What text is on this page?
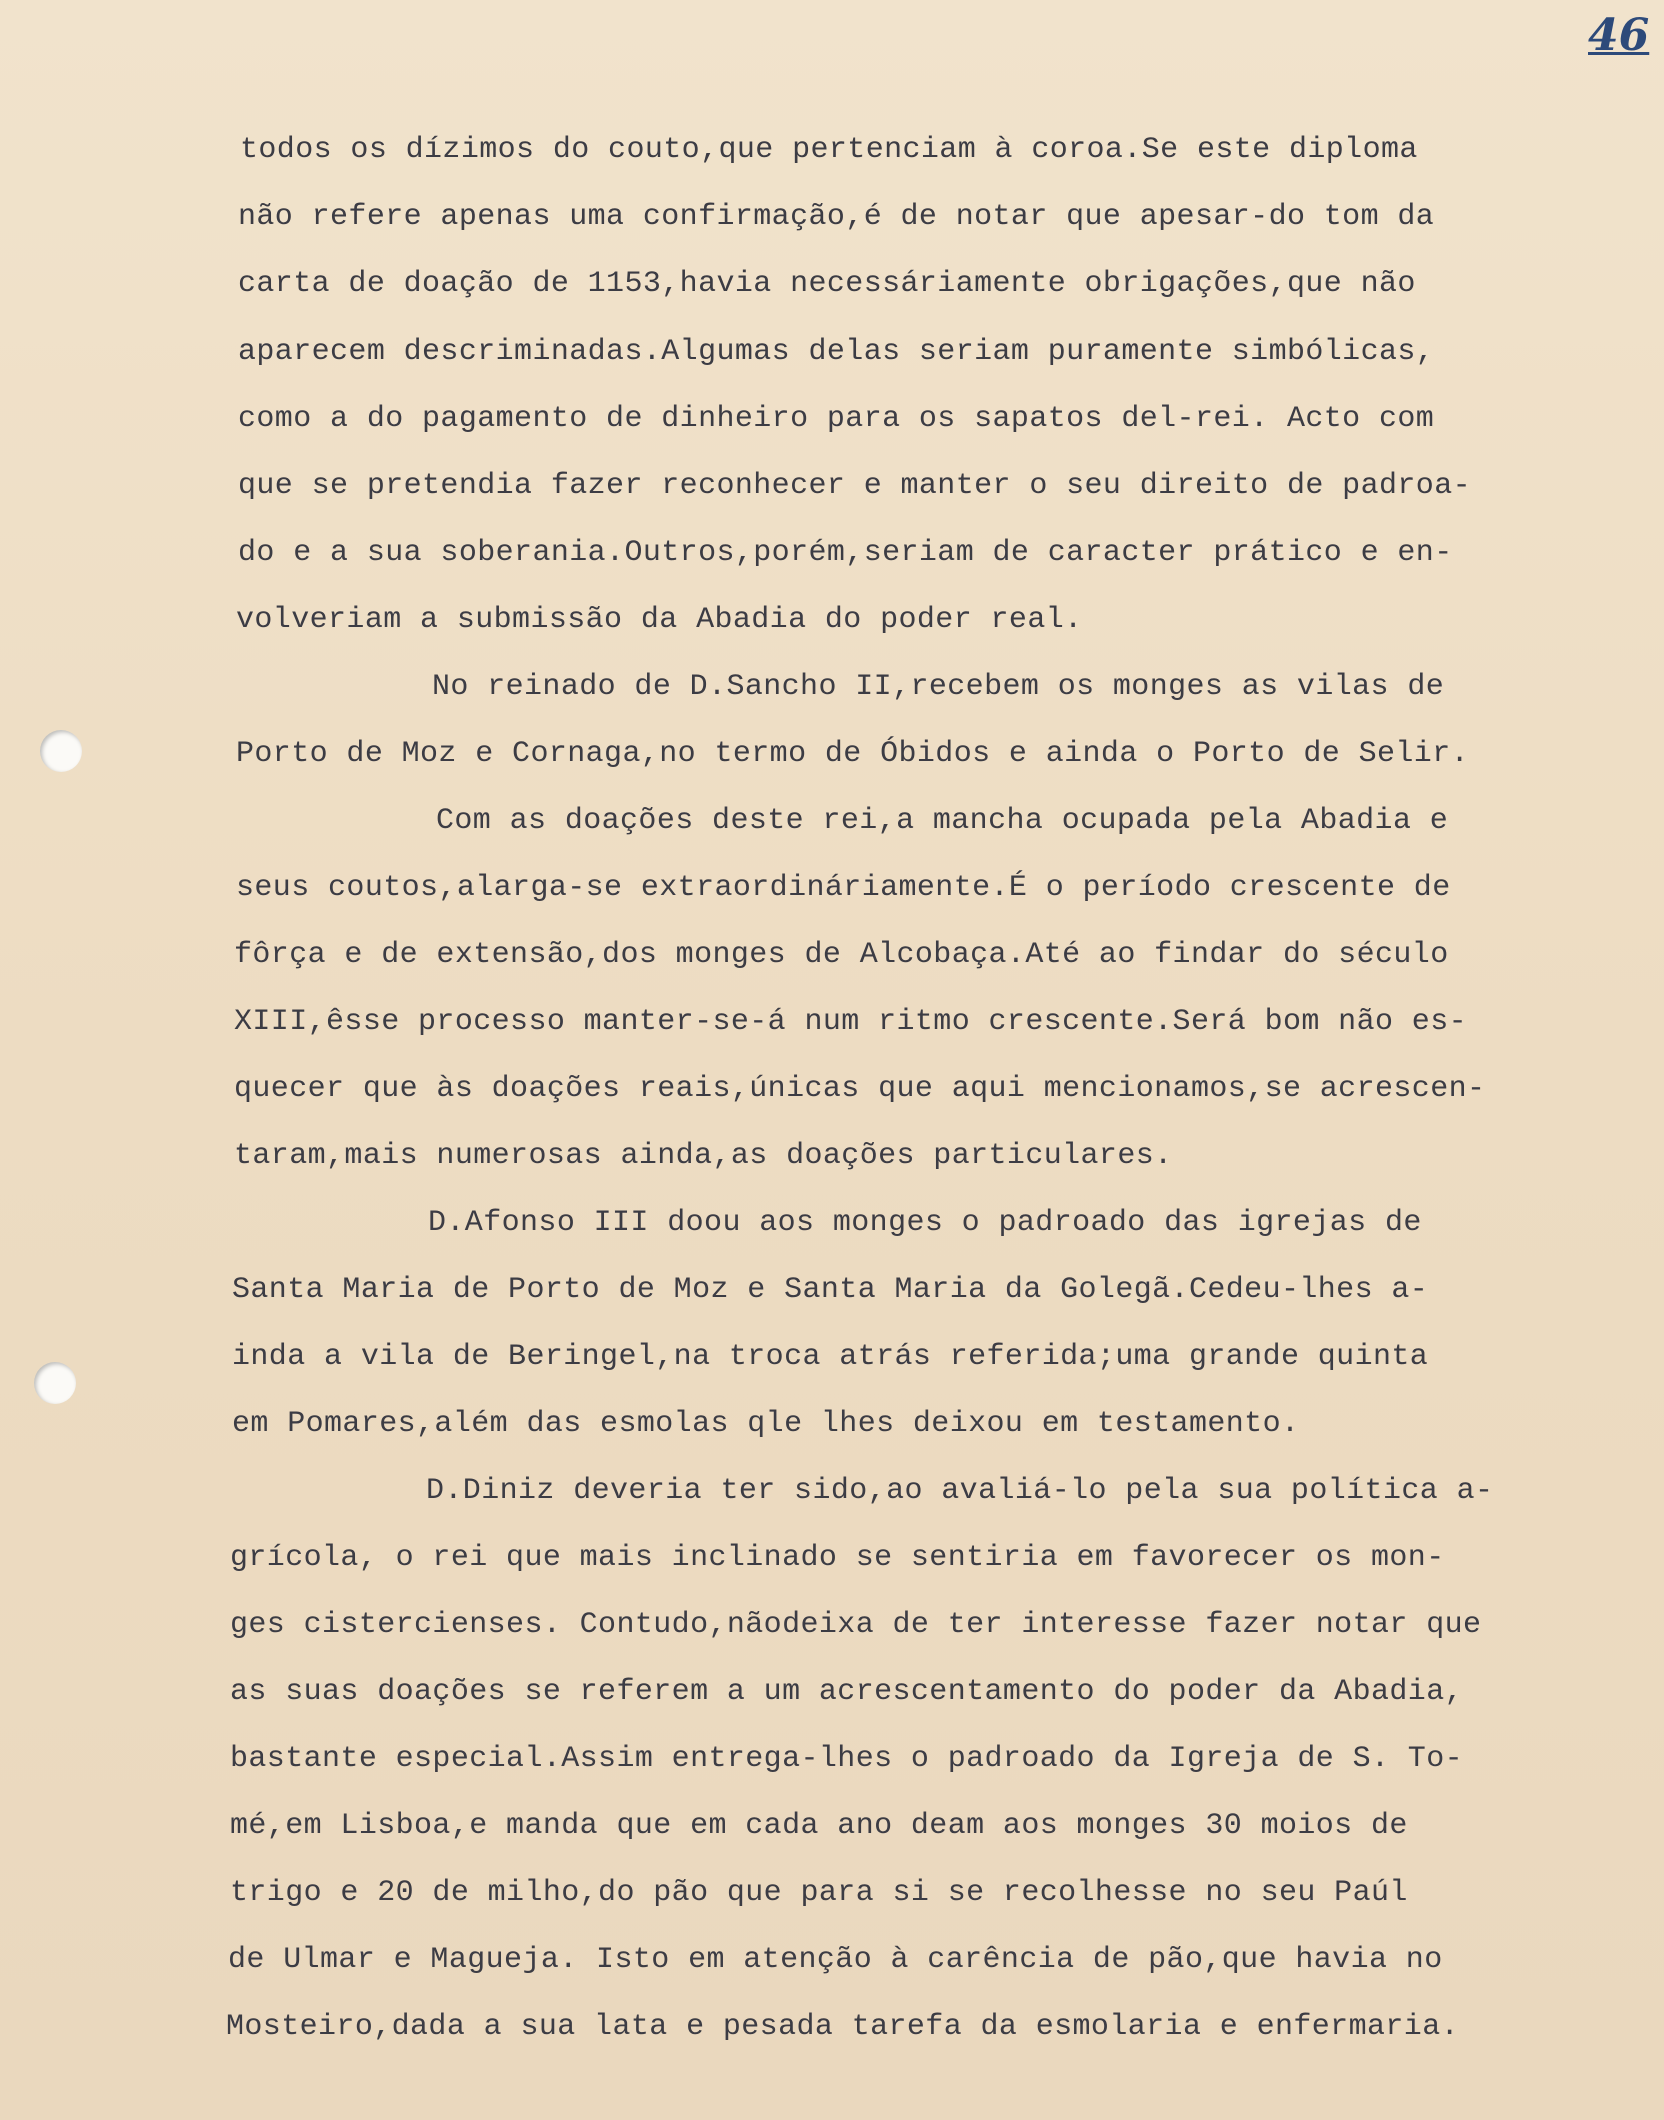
46
todos os dízimos do couto,que pertenciam à coroa.Se este diploma
não refere apenas uma confirmação,é de notar que apesar-do tom da
carta de doação de 1153,havia necessáriamente obrigações,que não
aparecem descriminadas.Algumas delas seriam puramente simbólicas,
como a do pagamento de dinheiro para os sapatos del-rei. Acto com
que se pretendia fazer reconhecer e manter o seu direito de padroa-
do e a sua soberania.Outros,porém,seriam de caracter prático e en-
volveriam a submissão da Abadia do poder real.
No reinado de D.Sancho II,recebem os monges as vilas de
Porto de Moz e Cornaga,no termo de Óbidos e ainda o Porto de Selir.
Com as doações deste rei,a mancha ocupada pela Abadia e
seus coutos,alarga-se extraordináriamente.É o período crescente de
fôrça e de extensão,dos monges de Alcobaça.Até ao findar do século
XIII,êsse processo manter-se-á num ritmo crescente.Será bom não es-
quecer que às doações reais,únicas que aqui mencionamos,se acrescen-
taram,mais numerosas ainda,as doações particulares.
D.Afonso III doou aos monges o padroado das igrejas de
Santa Maria de Porto de Moz e Santa Maria da Golegã.Cedeu-lhes a-
inda a vila de Beringel,na troca atrás referida;uma grande quinta
em Pomares,além das esmolas qle lhes deixou em testamento.
D.Diniz deveria ter sido,ao avaliá-lo pela sua política a-
grícola, o rei que mais inclinado se sentiria em favorecer os mon-
ges cistercienses. Contudo,nãodeixa de ter interesse fazer notar que
as suas doações se referem a um acrescentamento do poder da Abadia,
bastante especial.Assim entrega-lhes o padroado da Igreja de S. To-
mé,em Lisboa,e manda que em cada ano deam aos monges 30 moios de
trigo e 20 de milho,do pão que para si se recolhesse no seu Paúl
de Ulmar e Magueja. Isto em atenção à carência de pão,que havia no
Mosteiro,dada a sua lata e pesada tarefa da esmolaria e enfermaria.
